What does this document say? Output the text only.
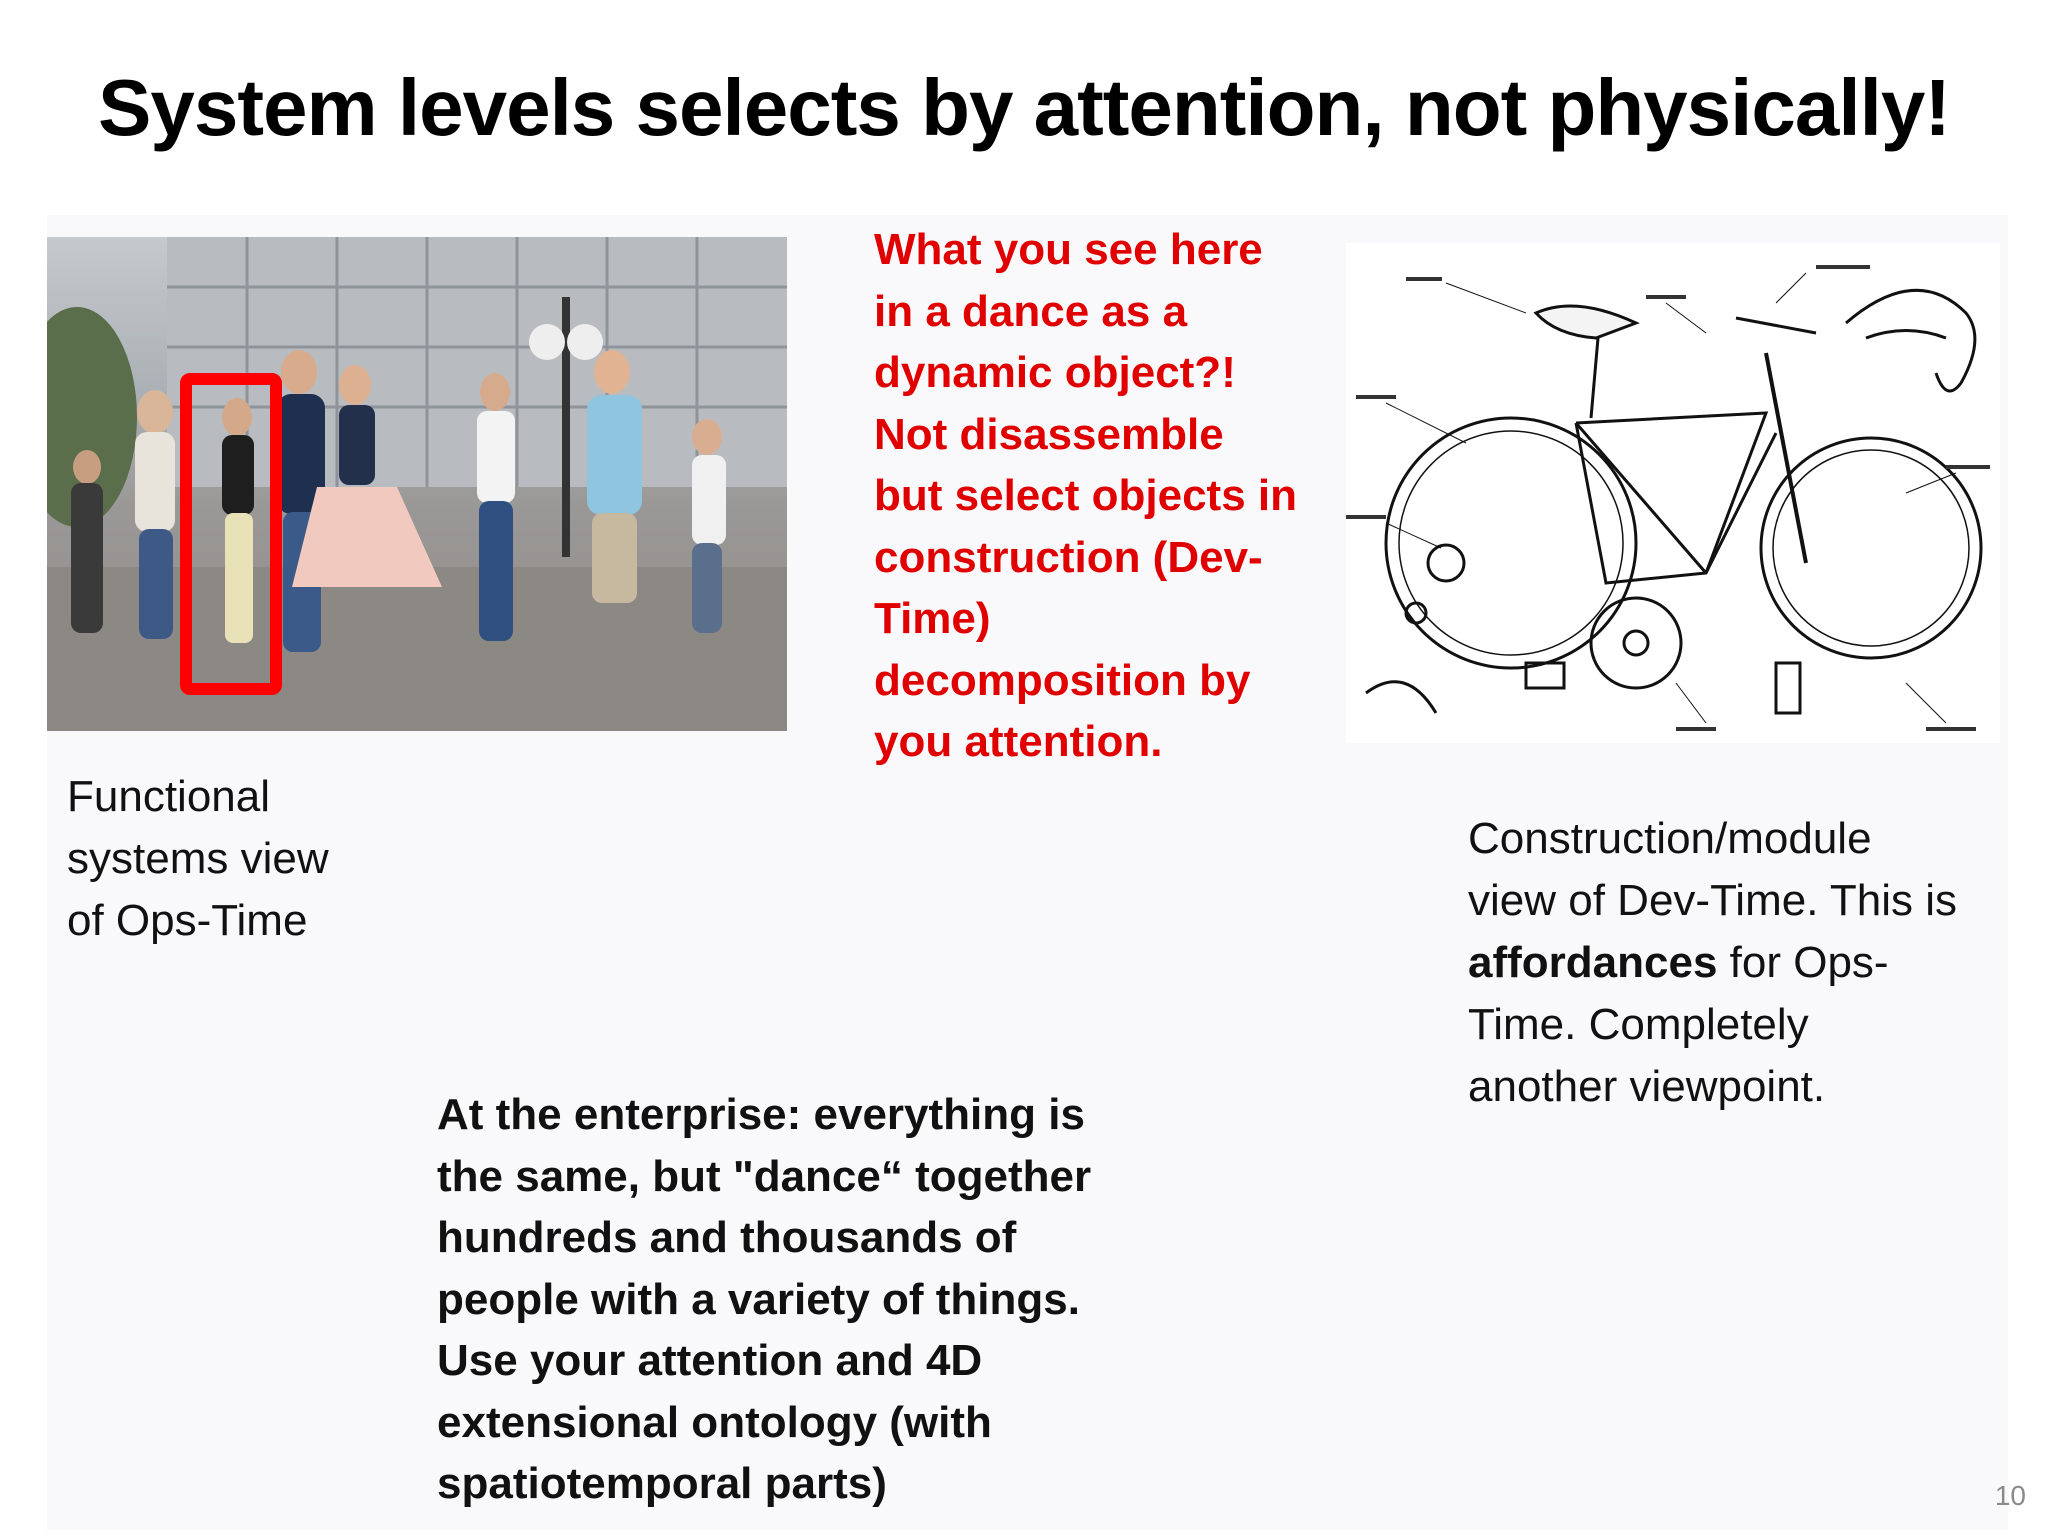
System levels selects by attention, not physically!
What you see here
in a dance as a
dynamic object?!
Not disassemble
but select objects in
construction (Dev-
Time)
decomposition by
you attention.
Functional
systems view
of Ops-Time
Construction/module
view of Dev-Time. This is
affordances for Ops-
Time. Completely
another viewpoint.
At the enterprise: everything is
the same, but "dance“ together
hundreds and thousands of
people with a variety of things.
Use your attention and 4D
extensional ontology (with
spatiotemporal parts)	10
